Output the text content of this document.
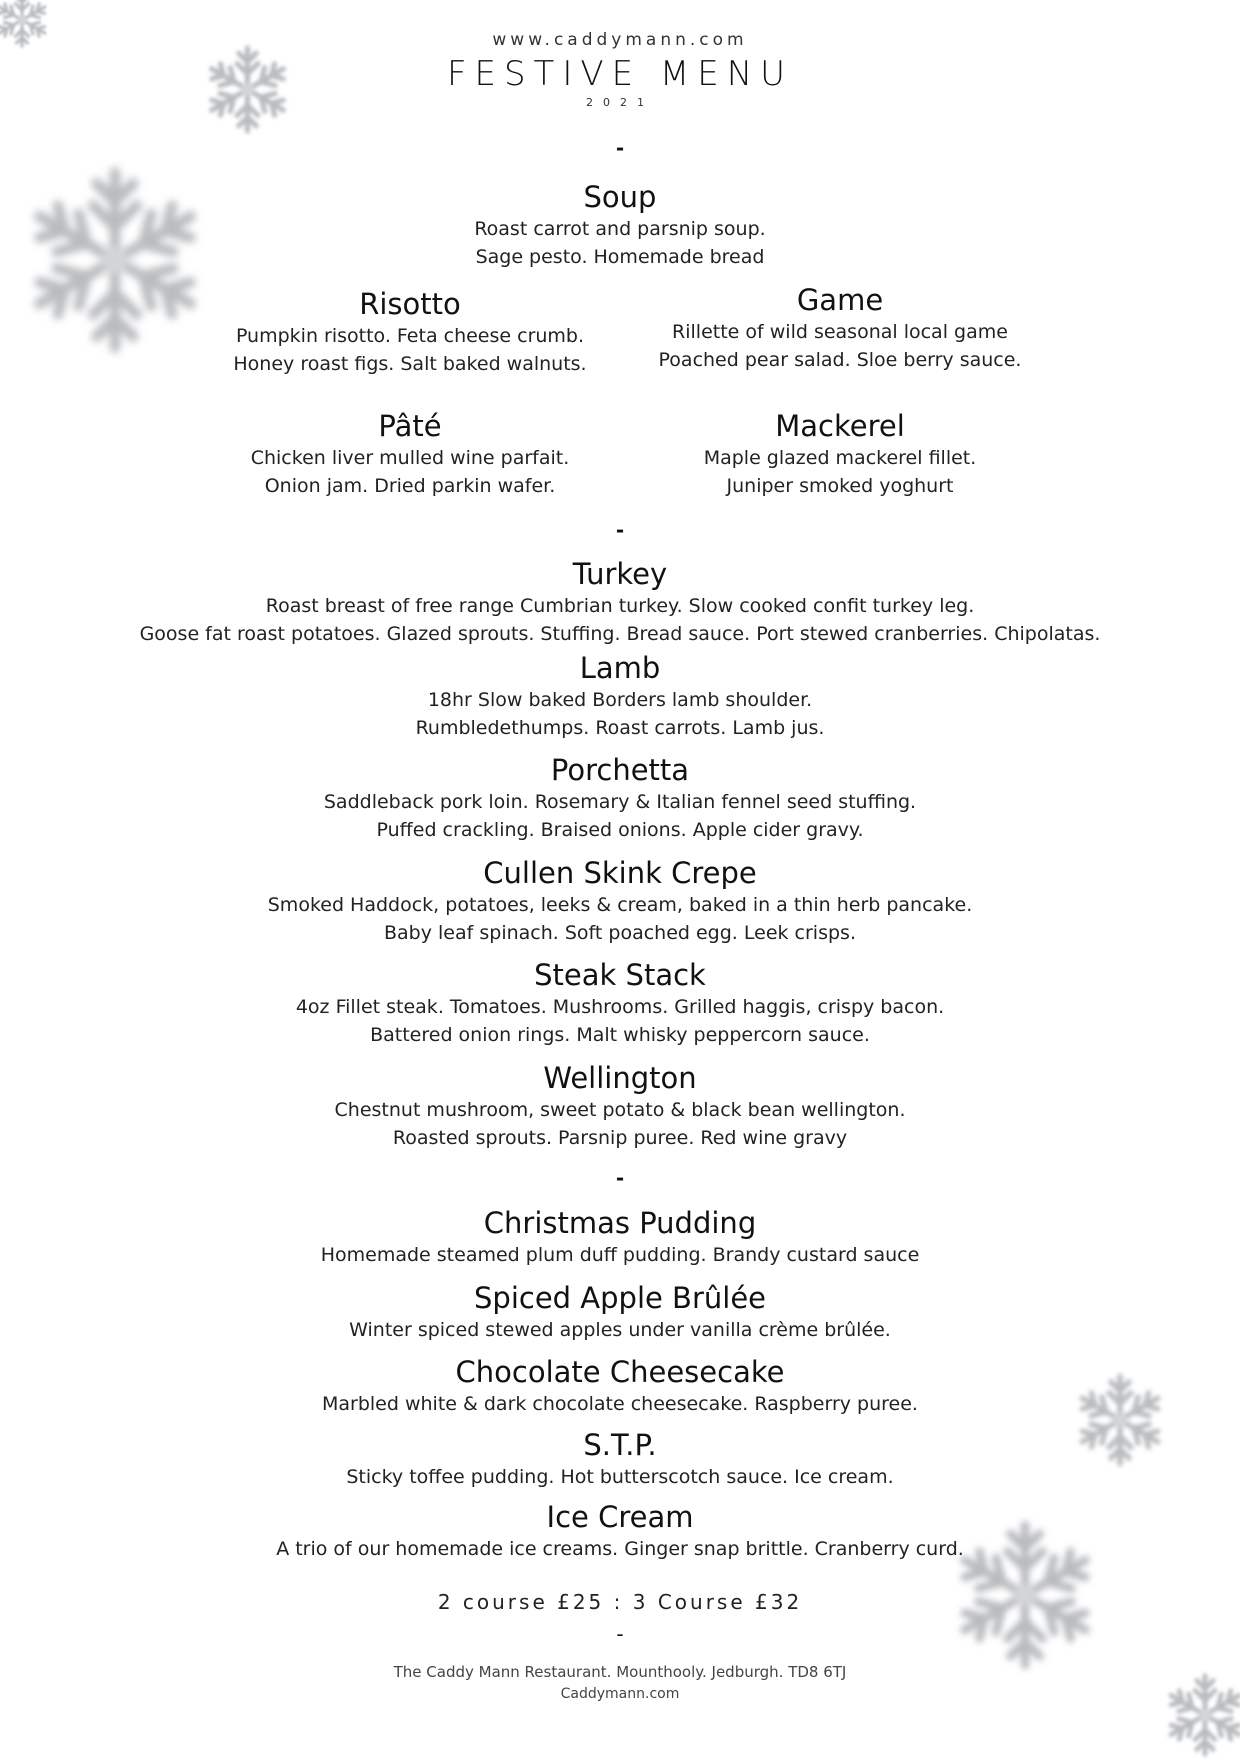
www.caddymann.com
FESTIVE MENU
2021
-

Soup

Roast carrot and parsnip soup.

Sage pesto. Homemade bread

Risotto

Pumpkin risotto. Feta cheese crumb.

Honey roast figs. Salt baked walnuts.

Game

Rillette of wild seasonal local game

Poached pear salad. Sloe berry sauce.

Pâté

Chicken liver mulled wine parfait.

Onion jam. Dried parkin wafer.

Mackerel

Maple glazed mackerel fillet.

Juniper smoked yoghurt

-

Turkey

Roast breast of free range Cumbrian turkey. Slow cooked confit turkey leg.

Goose fat roast potatoes. Glazed sprouts. Stuffing. Bread sauce. Port stewed cranberries. Chipolatas.

Lamb

18hr Slow baked Borders lamb shoulder.

Rumbledethumps. Roast carrots. Lamb jus.

Porchetta

Saddleback pork loin. Rosemary & Italian fennel seed stuffing.

Puffed crackling. Braised onions. Apple cider gravy.

Cullen Skink Crepe

Smoked Haddock, potatoes, leeks & cream, baked in a thin herb pancake.

Baby leaf spinach. Soft poached egg. Leek crisps.

Steak Stack

4oz Fillet steak. Tomatoes. Mushrooms. Grilled haggis, crispy bacon.

Battered onion rings. Malt whisky peppercorn sauce.

Wellington

Chestnut mushroom, sweet potato & black bean wellington.

Roasted sprouts. Parsnip puree. Red wine gravy

-

Christmas Pudding

Homemade steamed plum duff pudding. Brandy custard sauce

Spiced Apple Brûlée

Winter spiced stewed apples under vanilla crème brûlée.

Chocolate Cheesecake

Marbled white & dark chocolate cheesecake. Raspberry puree.

S.T.P.

Sticky toffee pudding. Hot butterscotch sauce. Ice cream.

Ice Cream

A trio of our homemade ice creams. Ginger snap brittle. Cranberry curd.

2 course £25 : 3 Course £32
-
The Caddy Mann Restaurant. Mounthooly. Jedburgh. TD8 6TJ
Caddymann.com
